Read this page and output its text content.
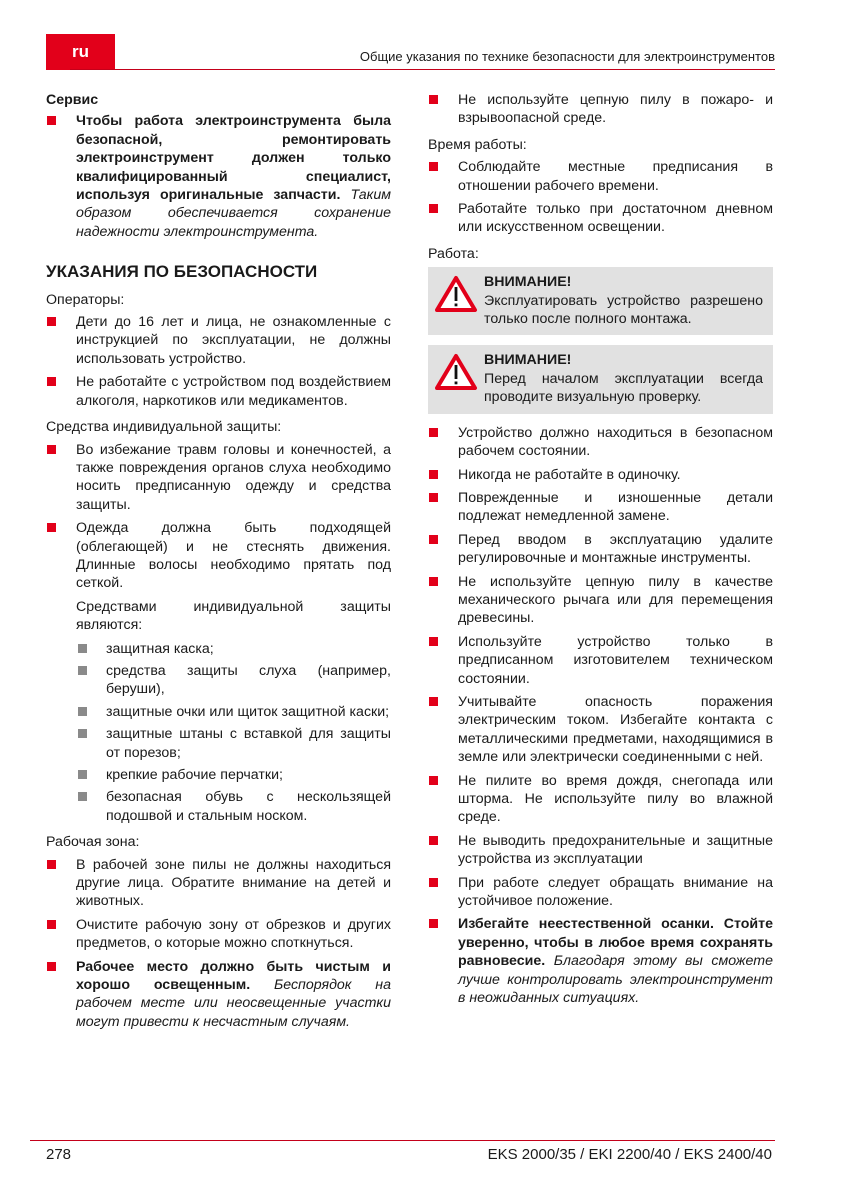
ru	Общие указания по технике безопасности для электроинструментов
Сервис
Чтобы работа электроинструмента была безопасной, ремонтировать электроинструмент должен только квалифицированный специалист, используя оригинальные запчасти. Таким образом обеспечивается сохранение надежности электроинструмента.
УКАЗАНИЯ ПО БЕЗОПАСНОСТИ
Операторы:
Дети до 16 лет и лица, не ознакомленные с инструкцией по эксплуатации, не должны использовать устройство.
Не работайте с устройством под воздействием алкоголя, наркотиков или медикаментов.
Средства индивидуальной защиты:
Во избежание травм головы и конечностей, а также повреждения органов слуха необходимо носить предписанную одежду и средства защиты.
Одежда должна быть подходящей (облегающей) и не стеснять движения. Длинные волосы необходимо прятать под сеткой.
Средствами индивидуальной защиты являются:
защитная каска;
средства защиты слуха (например, беруши),
защитные очки или щиток защитной каски;
защитные штаны с вставкой для защиты от порезов;
крепкие рабочие перчатки;
безопасная обувь с нескользящей подошвой и стальным носком.
Рабочая зона:
В рабочей зоне пилы не должны находиться другие лица. Обратите внимание на детей и животных.
Очистите рабочую зону от обрезков и других предметов, о которые можно споткнуться.
Рабочее место должно быть чистым и хорошо освещенным. Беспорядок на рабочем месте или неосвещенные участки могут привести к несчастным случаям.
Не используйте цепную пилу в пожаро- и взрывоопасной среде.
Время работы:
Соблюдайте местные предписания в отношении рабочего времени.
Работайте только при достаточном дневном или искусственном освещении.
Работа:
ВНИМАНИЕ!
Эксплуатировать устройство разрешено только после полного монтажа.
ВНИМАНИЕ!
Перед началом эксплуатации всегда проводите визуальную проверку.
Устройство должно находиться в безопасном рабочем состоянии.
Никогда не работайте в одиночку.
Поврежденные и изношенные детали подлежат немедленной замене.
Перед вводом в эксплуатацию удалите регулировочные и монтажные инструменты.
Не используйте цепную пилу в качестве механического рычага или для перемещения древесины.
Используйте устройство только в предписанном изготовителем техническом состоянии.
Учитывайте опасность поражения электрическим током. Избегайте контакта с металлическими предметами, находящимися в земле или электрически соединенными с ней.
Не пилите во время дождя, снегопада или шторма. Не используйте пилу во влажной среде.
Не выводить предохранительные и защитные устройства из эксплуатации
При работе следует обращать внимание на устойчивое положение.
Избегайте неестественной осанки. Стойте уверенно, чтобы в любое время сохранять равновесие. Благодаря этому вы сможете лучше контролировать электроинструмент в неожиданных ситуациях.
278	EKS 2000/35 / EKI 2200/40 / EKS 2400/40
